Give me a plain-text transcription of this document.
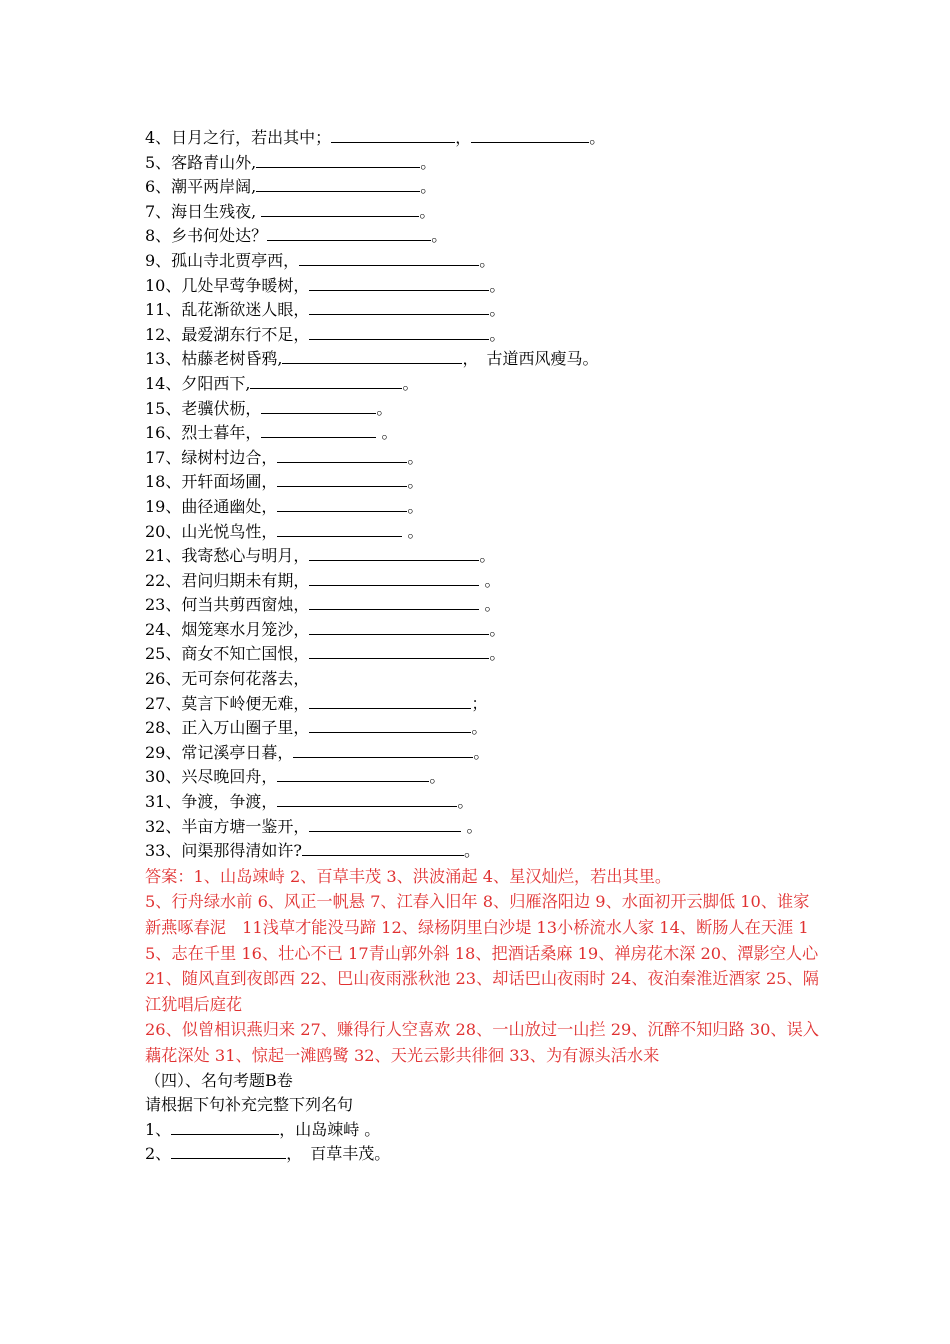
4、日月之行，若出其中；	，	。
5、客路青山外,	。
6、潮平两岸阔,	。
7、海日生残夜,	。
8、乡书何处达？	。
9、孤山寺北贾亭西，	。
10、几处早莺争暖树，	。
11、乱花渐欲迷人眼，	。
12、最爱湖东行不足，	。
13、枯藤老树昏鸦,	，　古道西风瘦马。
14、夕阳西下,	。
15、老骥伏枥，	。
16、烈士暮年，	。
17、绿树村边合，	。
18、开轩面场圃，	。
19、曲径通幽处，	。
20、山光悦鸟性，	。
21、我寄愁心与明月，	。
22、君问归期未有期，	。
23、何当共剪西窗烛，	。
24、烟笼寒水月笼沙，	。
25、商女不知亡国恨，	。
26、无可奈何花落去，
27、莫言下岭便无难，	；
28、正入万山圈子里，	。
29、常记溪亭日暮，	。
30、兴尽晚回舟，	。
31、争渡，争渡，	。
32、半亩方塘一鉴开，	。
33、问渠那得清如许?	。
答案：1、山岛竦峙 2、百草丰茂 3、洪波涌起 4、星汉灿烂，若出其里。
5、行舟绿水前 6、风正一帆悬 7、江春入旧年 8、归雁洛阳边 9、水面初开云脚低 10、谁家新燕啄春泥　11浅草才能没马蹄 12、绿杨阴里白沙堤 13小桥流水人家 14、断肠人在天涯 15、志在千里 16、壮心不已 17青山郭外斜 18、把酒话桑麻 19、禅房花木深 20、潭影空人心 21、随风直到夜郎西 22、巴山夜雨涨秋池 23、却话巴山夜雨时 24、夜泊秦淮近酒家 25、隔江犹唱后庭花
26、似曾相识燕归来 27、赚得行人空喜欢 28、一山放过一山拦 29、沉醉不知归路 30、误入藕花深处 31、惊起一滩鸥鹭 32、天光云影共徘徊 33、为有源头活水来
（四）、名句考题B卷
请根据下句补充完整下列名句
1、	，山岛竦峙 。
2、	，　百草丰茂。
